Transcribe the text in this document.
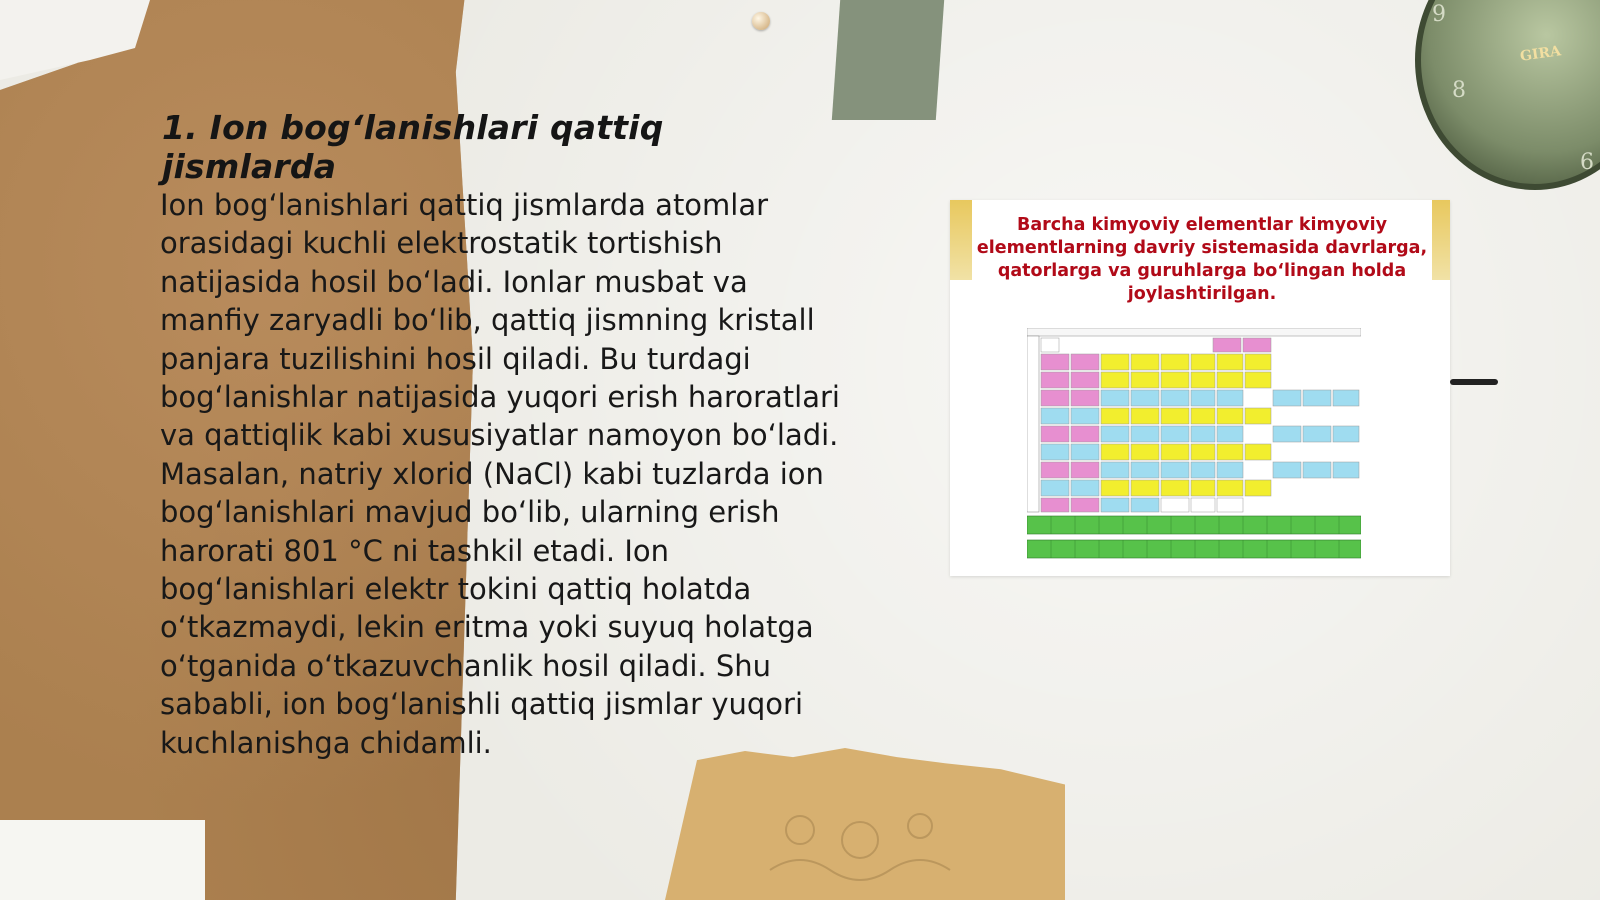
GIRA
9
8
6
1. Ion bog‘lanishlari qattiq jismlarda
Ion bog‘lanishlari qattiq jismlarda atomlar orasidagi kuchli elektrostatik tortishish natijasida hosil bo‘ladi. Ionlar musbat va manfiy zaryadli bo‘lib, qattiq jismning kristall panjara tuzilishini hosil qiladi. Bu turdagi bog‘lanishlar natijasida yuqori erish haroratlari va qattiqlik kabi xususiyatlar namoyon bo‘ladi. Masalan, natriy xlorid (NaCl) kabi tuzlarda ion bog‘lanishlari mavjud bo‘lib, ularning erish harorati 801 °C ni tashkil etadi. Ion bog‘lanishlari elektr tokini qattiq holatda o‘tkazmaydi, lekin eritma yoki suyuq holatga o‘tganida o‘tkazuvchanlik hosil qiladi. Shu sababli, ion bog‘lanishli qattiq jismlar yuqori kuchlanishga chidamli.
Barcha kimyoviy elementlar kimyoviy elementlarning davriy sistemasida davrlarga, qatorlarga va guruhlarga bo‘lingan holda joylashtirilgan.
